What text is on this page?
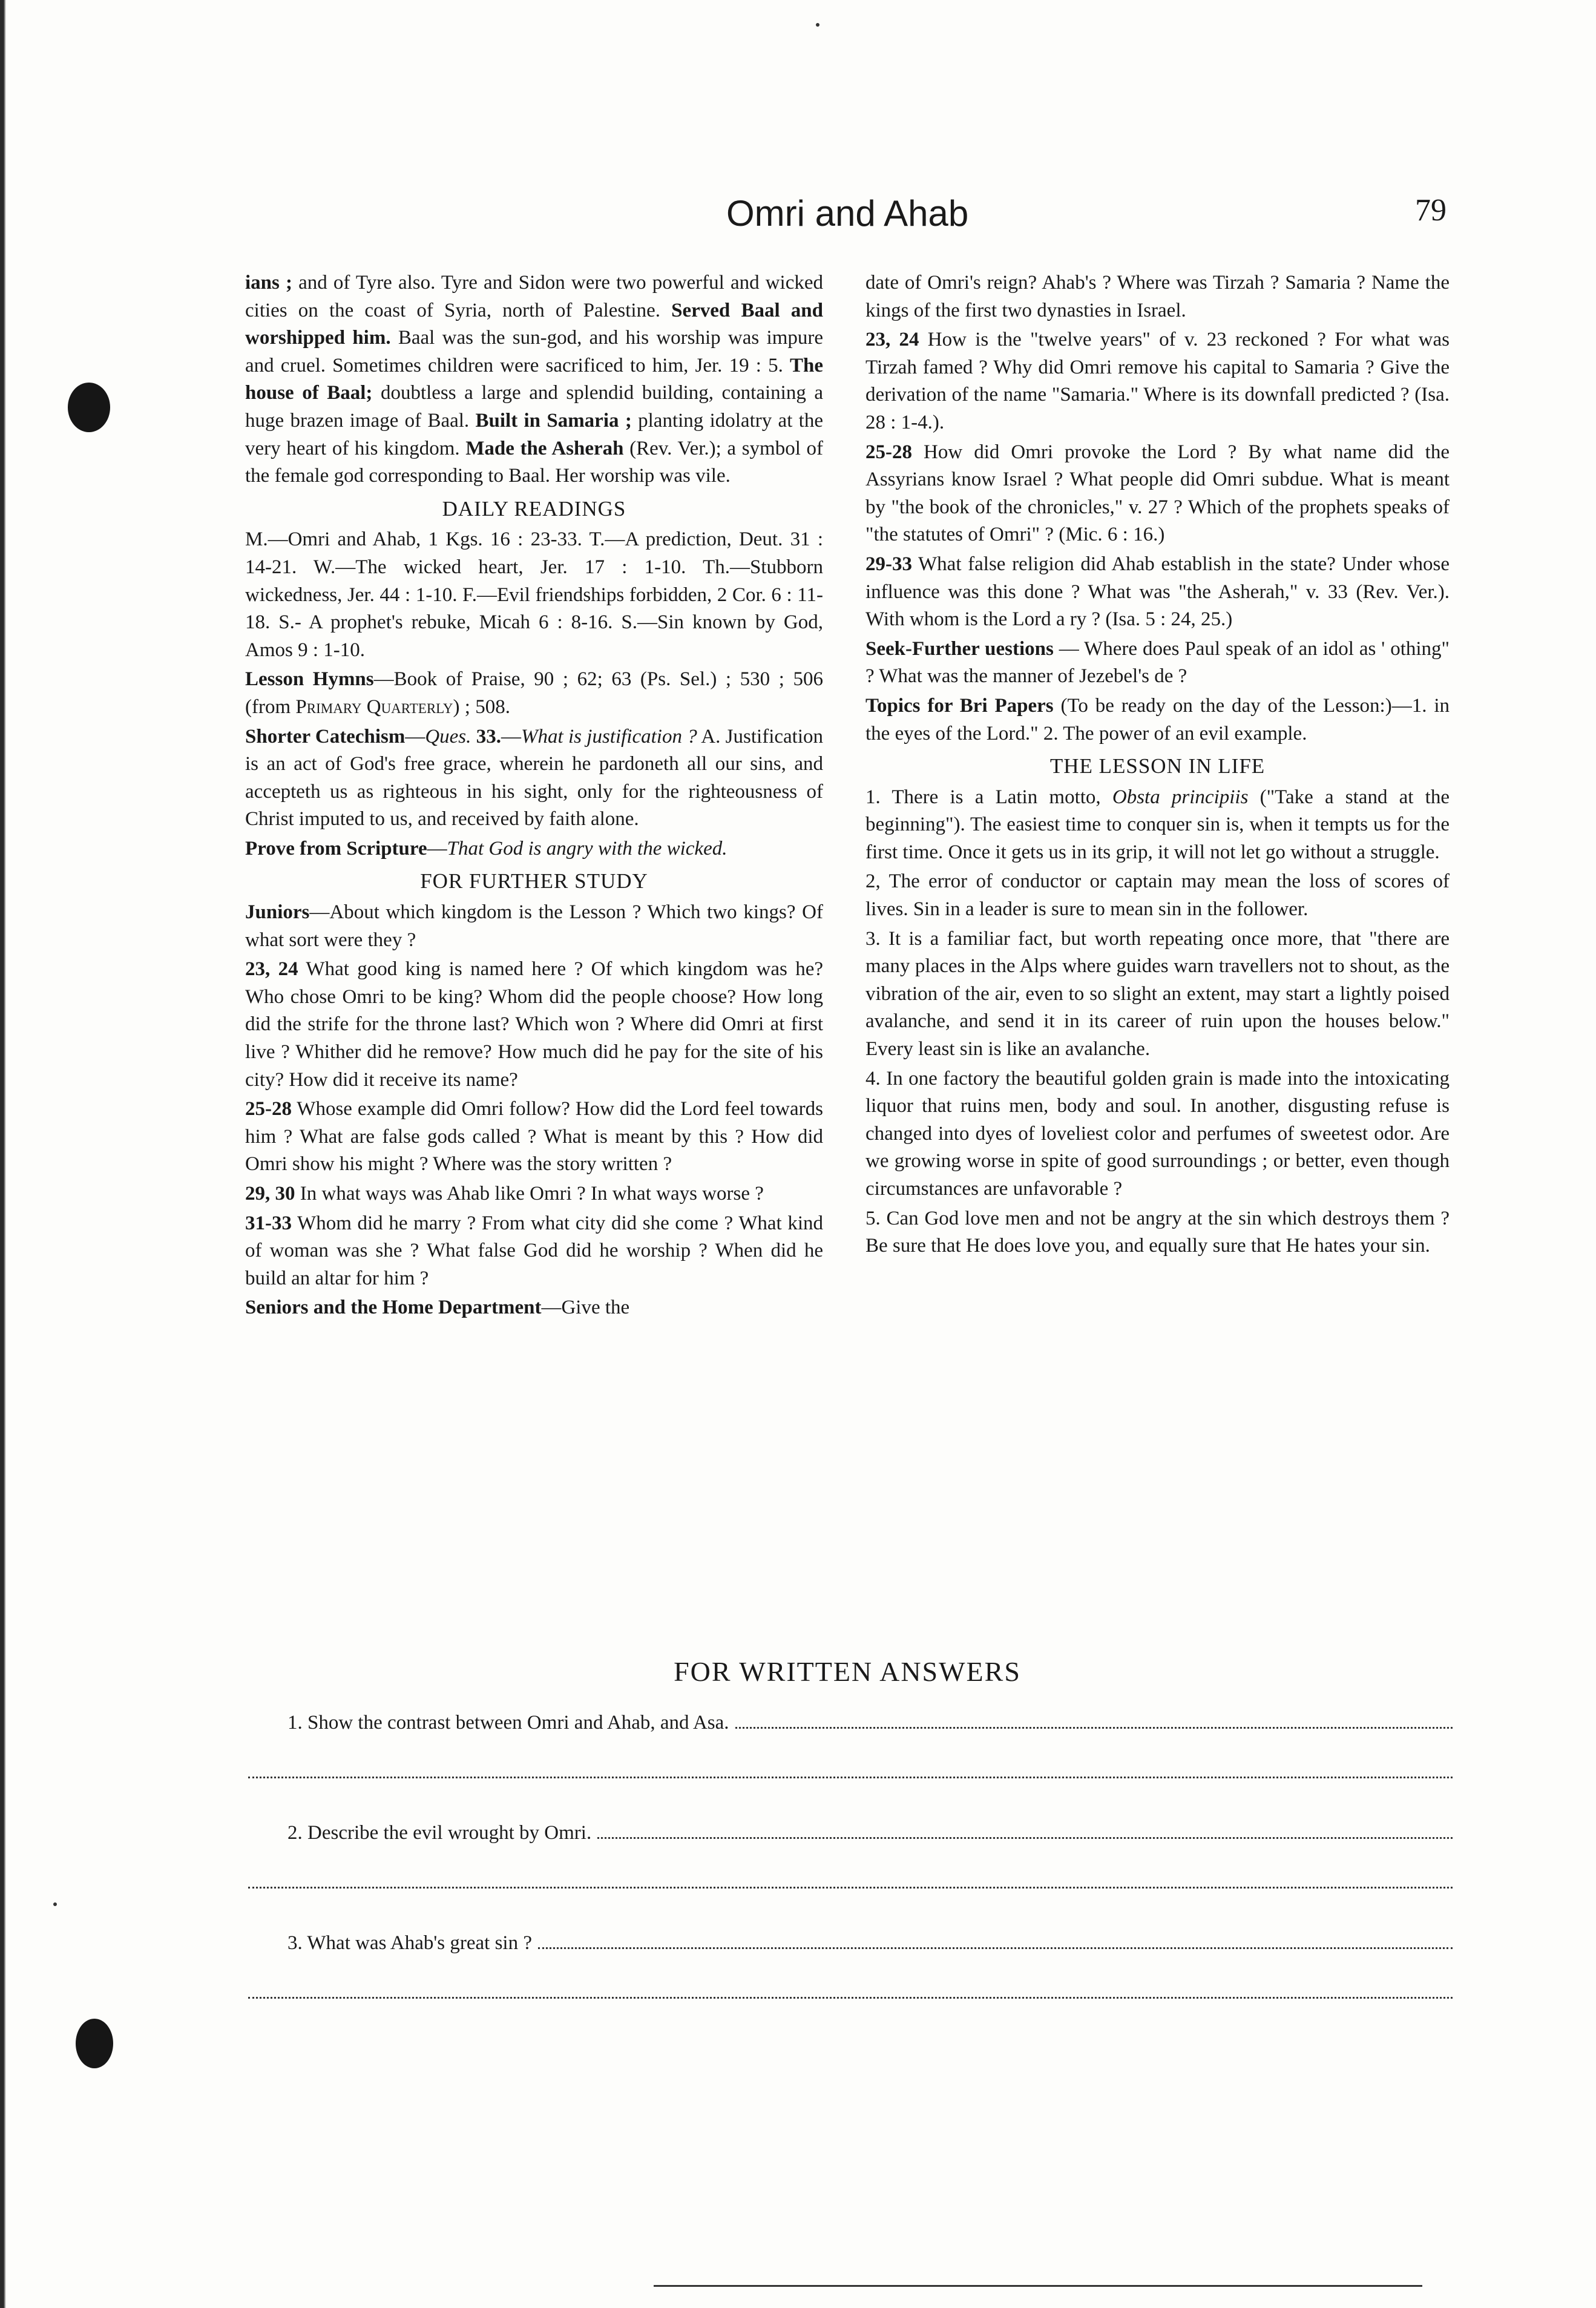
Omri and Ahab	79

ians ; and of Tyre also. Tyre and Sidon were two powerful and wicked cities on the coast of Syria, north of Palestine. Served Baal and worshipped him. Baal was the sun-god, and his worship was impure and cruel. Sometimes children were sacrificed to him, Jer. 19 : 5. The house of Baal; doubtless a large and splendid building, containing a huge brazen image of Baal. Built in Samaria ; planting idolatry at the very heart of his kingdom. Made the Asherah (Rev. Ver.); a symbol of the female god corresponding to Baal. Her worship was vile.

DAILY READINGS

M.—Omri and Ahab, 1 Kgs. 16 : 23-33. T.—A prediction, Deut. 31 : 14-21. W.—The wicked heart, Jer. 17 : 1-10. Th.—Stubborn wickedness, Jer. 44 : 1-10. F.—Evil friendships forbidden, 2 Cor. 6 : 11-18. S.- A prophet's rebuke, Micah 6 : 8-16. S.—Sin known by God, Amos 9 : 1-10.

Lesson Hymns—Book of Praise, 90 ; 62; 63 (Ps. Sel.) ; 530 ; 506 (from Primary Quarterly) ; 508.

Shorter Catechism—Ques. 33.—What is justification ? A. Justification is an act of God's free grace, wherein he pardoneth all our sins, and accepteth us as righteous in his sight, only for the righteousness of Christ imputed to us, and received by faith alone.

Prove from Scripture—That God is angry with the wicked.

FOR FURTHER STUDY

Juniors—About which kingdom is the Lesson ? Which two kings? Of what sort were they ?

23, 24 What good king is named here ? Of which kingdom was he? Who chose Omri to be king? Whom did the people choose? How long did the strife for the throne last? Which won ? Where did Omri at first live ? Whither did he remove? How much did he pay for the site of his city? How did it receive its name?

25-28 Whose example did Omri follow? How did the Lord feel towards him ? What are false gods called ? What is meant by this ? How did Omri show his might ? Where was the story written ?

29, 30 In what ways was Ahab like Omri ? In what ways worse ?

31-33 Whom did he marry ? From what city did she come ? What kind of woman was she ? What false God did he worship ? When did he build an altar for him ?

Seniors and the Home Department—Give the

date of Omri's reign? Ahab's ? Where was Tirzah ? Samaria ? Name the kings of the first two dynasties in Israel.

23, 24 How is the "twelve years" of v. 23 reckoned ? For what was Tirzah famed ? Why did Omri remove his capital to Samaria ? Give the derivation of the name "Samaria." Where is its downfall predicted ? (Isa. 28 : 1-4.).

25-28 How did Omri provoke the Lord ? By what name did the Assyrians know Israel ? What people did Omri subdue. What is meant by "the book of the chronicles," v. 27 ? Which of the prophets speaks of "the statutes of Omri" ? (Mic. 6 : 16.)

29-33 What false religion did Ahab establish in the state? Under whose influence was this done ? What was "the Asherah," v. 33 (Rev. Ver.). With whom is the Lord a ry ? (Isa. 5 : 24, 25.)

Seek-Further uestions — Where does Paul speak of an idol as ' othing" ? What was the manner of Jezebel's de ?

Topics for Bri Papers (To be ready on the day of the Lesson:)—1. in the eyes of the Lord." 2. The power of an evil example.

THE LESSON IN LIFE

1. There is a Latin motto, Obsta principiis ("Take a stand at the beginning"). The easiest time to conquer sin is, when it tempts us for the first time. Once it gets us in its grip, it will not let go without a struggle.

2, The error of conductor or captain may mean the loss of scores of lives. Sin in a leader is sure to mean sin in the follower.

3. It is a familiar fact, but worth repeating once more, that "there are many places in the Alps where guides warn travellers not to shout, as the vibration of the air, even to so slight an extent, may start a lightly poised avalanche, and send it in its career of ruin upon the houses below." Every least sin is like an avalanche.

4. In one factory the beautiful golden grain is made into the intoxicating liquor that ruins men, body and soul. In another, disgusting refuse is changed into dyes of loveliest color and perfumes of sweetest odor. Are we growing worse in spite of good surroundings ; or better, even though circumstances are unfavorable ?

5. Can God love men and not be angry at the sin which destroys them ? Be sure that He does love you, and equally sure that He hates your sin.

FOR WRITTEN ANSWERS
1. Show the contrast between Omri and Ahab, and Asa.
2. Describe the evil wrought by Omri.
3. What was Ahab's great sin ?
